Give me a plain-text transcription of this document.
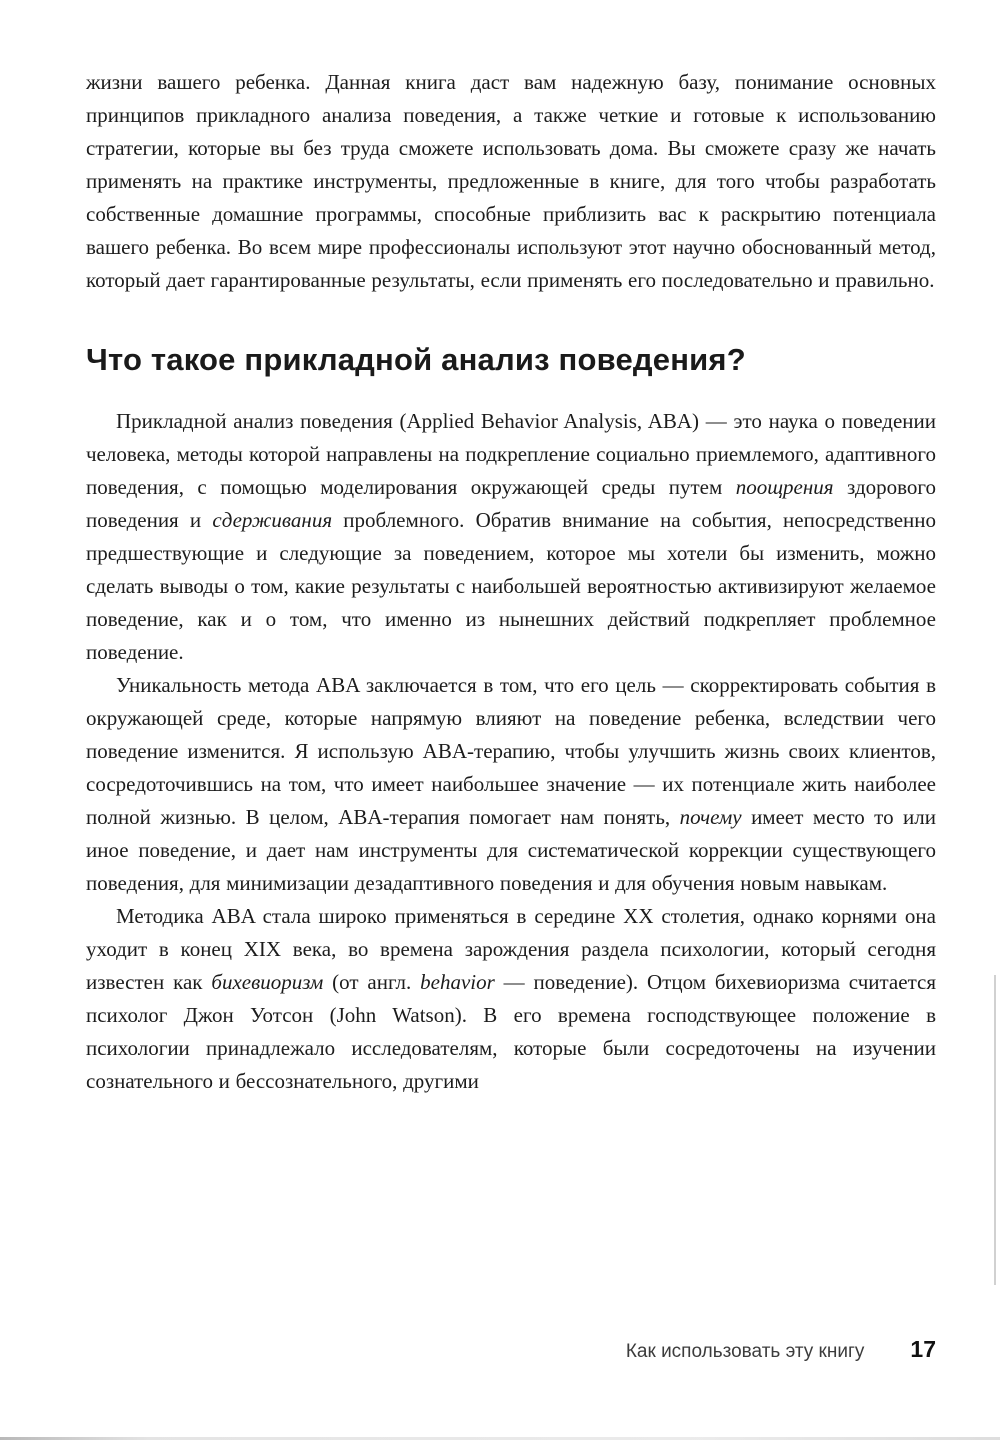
жизни вашего ребенка. Данная книга даст вам надежную базу, понимание основных принципов прикладного анализа поведения, а также четкие и готовые к использованию стратегии, которые вы без труда сможете использовать дома. Вы сможете сразу же начать применять на практике инструменты, предложенные в книге, для того чтобы разработать собственные домашние программы, способные приблизить вас к раскрытию потенциала вашего ребенка. Во всем мире профессионалы используют этот научно обоснованный метод, который дает гарантированные результаты, если применять его последовательно и правильно.

Что такое прикладной анализ поведения?

Прикладной анализ поведения (Applied Behavior Analysis, ABA) — это наука о поведении человека, методы которой направлены на подкрепление социально приемлемого, адаптивного поведения, с помощью моделирования окружающей среды путем поощрения здорового поведения и сдерживания проблемного. Обратив внимание на события, непосредственно предшествующие и следующие за поведением, которое мы хотели бы изменить, можно сделать выводы о том, какие результаты с наибольшей вероятностью активизируют желаемое поведение, как и о том, что именно из нынешних действий подкрепляет проблемное поведение.

Уникальность метода ABA заключается в том, что его цель — скорректировать события в окружающей среде, которые напрямую влияют на поведение ребенка, вследствии чего поведение изменится. Я использую ABA-терапию, чтобы улучшить жизнь своих клиентов, сосредоточившись на том, что имеет наибольшее значение — их потенциале жить наиболее полной жизнью. В целом, ABA-терапия помогает нам понять, почему имеет место то или иное поведение, и дает нам инструменты для систематической коррекции существующего поведения, для минимизации дезадаптивного поведения и для обучения новым навыкам.

Методика ABA стала широко применяться в середине XX столетия, однако корнями она уходит в конец XIX века, во времена зарождения раздела психологии, который сегодня известен как бихевиоризм (от англ. behavior — поведение). Отцом бихевиоризма считается психолог Джон Уотсон (John Watson). В его времена господствующее положение в психологии принадлежало исследователям, которые были сосредоточены на изучении сознательного и бессознательного, другими

Как использовать эту книгу 17
